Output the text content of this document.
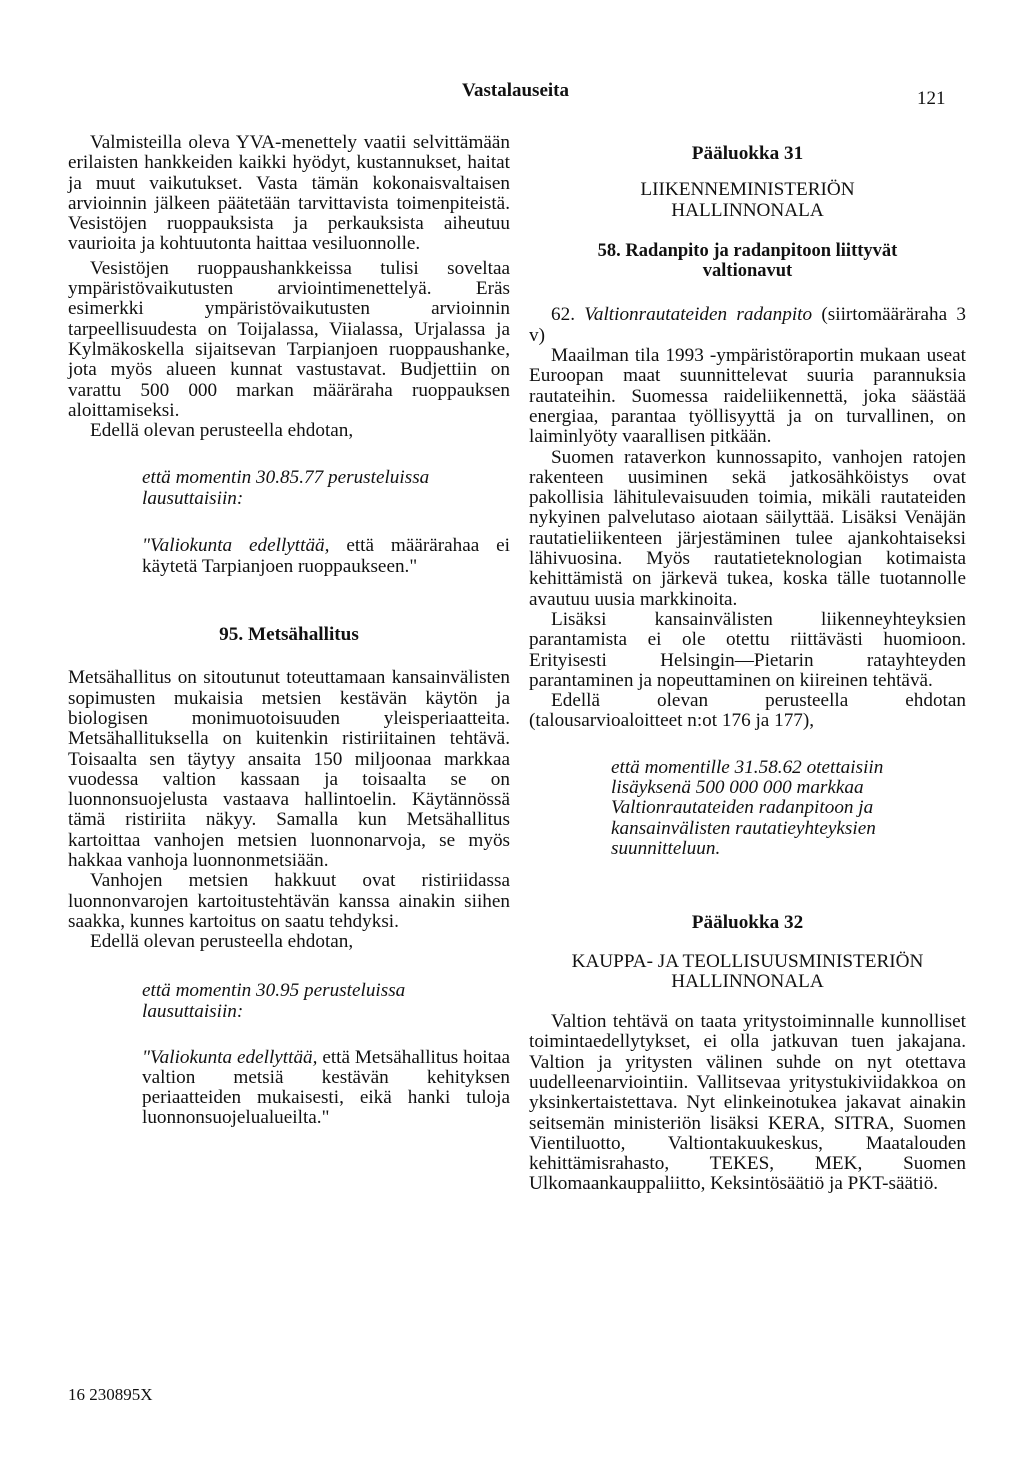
Vastalauseita	121

Valmisteilla oleva YVA-menettely vaatii selvittämään erilaisten hankkeiden kaikki hyödyt, kustannukset, haitat ja muut vaikutukset. Vasta tämän kokonaisvaltaisen arvioinnin jälkeen päätetään tarvittavista toimenpiteistä. Vesistöjen ruoppauksista ja perkauksista aiheutuu vaurioita ja kohtuutonta haittaa vesiluonnolle.

Vesistöjen ruoppaushankkeissa tulisi soveltaa ympäristövaikutusten arviointimenettelyä. Eräs esimerkki ympäristövaikutusten arvioinnin tarpeellisuudesta on Toijalassa, Viialassa, Urjalassa ja Kylmäkoskella sijaitsevan Tarpianjoen ruoppaushanke, jota myös alueen kunnat vastustavat. Budjettiin on varattu 500 000 markan määräraha ruoppauksen aloittamiseksi.

Edellä olevan perusteella ehdotan,

että momentin 30.85.77 perusteluissa lausuttaisiin:

"Valiokunta edellyttää, että määrärahaa ei käytetä Tarpianjoen ruoppaukseen."

95. Metsähallitus

Metsähallitus on sitoutunut toteuttamaan kansainvälisten sopimusten mukaisia metsien kestävän käytön ja biologisen monimuotoisuuden yleisperiaatteita. Metsähallituksella on kuitenkin ristiriitainen tehtävä. Toisaalta sen täytyy ansaita 150 miljoonaa markkaa vuodessa valtion kassaan ja toisaalta se on luonnonsuojelusta vastaava hallintoelin. Käytännössä tämä ristiriita näkyy. Samalla kun Metsähallitus kartoittaa vanhojen metsien luonnonarvoja, se myös hakkaa vanhoja luonnonmetsiään.

Vanhojen metsien hakkuut ovat ristiriidassa luonnonvarojen kartoitustehtävän kanssa ainakin siihen saakka, kunnes kartoitus on saatu tehdyksi.

Edellä olevan perusteella ehdotan,

että momentin 30.95 perusteluissa lausuttaisiin:

"Valiokunta edellyttää, että Metsähallitus hoitaa valtion metsiä kestävän kehityksen periaatteiden mukaisesti, eikä hanki tuloja luonnonsuojelualueilta."

Pääluokka 31

LIIKENNEMINISTERIÖN HALLINNONALA

58. Radanpito ja radanpitoon liittyvät valtionavut

62. Valtionrautateiden radanpito (siirtomääräraha 3 v)

Maailman tila 1993 -ympäristöraportin mukaan useat Euroopan maat suunnittelevat suuria parannuksia rautateihin. Suomessa raideliikennettä, joka säästää energiaa, parantaa työllisyyttä ja on turvallinen, on laiminlyöty vaarallisen pitkään.

Suomen rataverkon kunnossapito, vanhojen ratojen rakenteen uusiminen sekä jatkosähköistys ovat pakollisia lähitulevaisuuden toimia, mikäli rautateiden nykyinen palvelutaso aiotaan säilyttää. Lisäksi Venäjän rautatieliikenteen järjestäminen tulee ajankohtaiseksi lähivuosina. Myös rautatieteknologian kotimaista kehittämistä on järkevä tukea, koska tälle tuotannolle avautuu uusia markkinoita.

Lisäksi kansainvälisten liikenneyhteyksien parantamista ei ole otettu riittävästi huomioon. Erityisesti Helsingin—Pietarin ratayhteyden parantaminen ja nopeuttaminen on kiireinen tehtävä.

Edellä olevan perusteella ehdotan (talousarvioaloitteet n:ot 176 ja 177),

että momentille 31.58.62 otettaisiin lisäyksenä 500 000 000 markkaa Valtionrautateiden radanpitoon ja kansainvälisten rautatieyhteyksien suunnitteluun.

Pääluokka 32

KAUPPA- JA TEOLLISUUSMINISTERIÖN HALLINNONALA

Valtion tehtävä on taata yritystoiminnalle kunnolliset toimintaedellytykset, ei olla jatkuvan tuen jakajana. Valtion ja yritysten välinen suhde on nyt otettava uudelleenarviointiin. Vallitsevaa yritystukiviidakkoa on yksinkertaistettava. Nyt elinkeinotukea jakavat ainakin seitsemän ministeriön lisäksi KERA, SITRA, Suomen Vientiluotto, Valtiontakuukeskus, Maatalouden kehittämisrahasto, TEKES, MEK, Suomen Ulkomaankauppaliitto, Keksintösäätiö ja PKT-säätiö.

16 230895X
